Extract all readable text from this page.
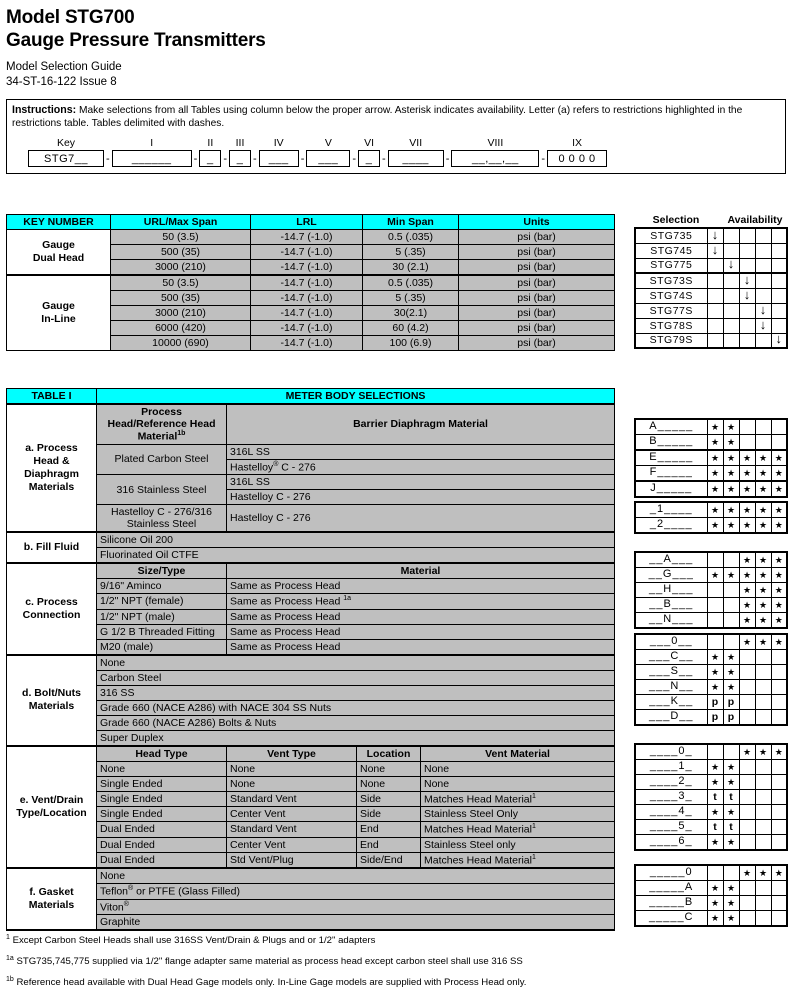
Model STG700
Gauge Pressure Transmitters
Model Selection Guide
34-ST-16-122 Issue 8
Instructions: Make selections from all Tables using column below the proper arrow. Asterisk indicates availability. Letter (a) refers to restrictions highlighted in the restrictions table. Tables delimited with dashes.
Key
STG7__	-
I
______	-
II
_ -
III
_ -
IV
___	-
V
___	-
VI
_ -
VII
____	-
VIII
__,__,__	-
IX
0 0 0 0
KEY NUMBER	URL/Max Span	LRL	Min Span	Units

Gauge
Dual Head	50 (3.5)	-14.7 (-1.0)	0.5 (.035)	psi (bar)
	500 (35)	-14.7 (-1.0)	5 (.35)	psi (bar)
	3000 (210)	-14.7 (-1.0)	30 (2.1)	psi (bar)

Gauge
In-Line	50 (3.5)	-14.7 (-1.0)	0.5 (.035)	psi (bar)
	500 (35)	-14.7 (-1.0)	5 (.35)	psi (bar)
	3000 (210)	-14.7 (-1.0)	30(2.1)	psi (bar)
	6000 (420)	-14.7 (-1.0)	60 (4.2)	psi (bar)
	10000 (690)	-14.7 (-1.0)	100 (6.9)	psi (bar)
Selection	Availability
STG735	↓				
STG745	↓				
STG775		↓			
STG73S			↓		
STG74S			↓		
STG77S				↓	
STG78S				↓	
STG79S					↓
TABLE I	METER BODY SELECTIONS			

a. Process
Head &
Diaphragm
Materials	Process Head/Reference Head Material$^{1b}$	Barrier Diaphragm Material		
	Plated Carbon Steel	316L SS		
		Hastelloy® C - 276		
	316 Stainless Steel	316L SS		
		Hastelloy C - 276		
	Hastelloy C - 276/316 Stainless Steel	Hastelloy C - 276		

b. Fill Fluid	Silicone Oil 200			
	Fluorinated Oil CTFE			

c. Process
Connection	Size/Type	Material		
	9/16" Aminco	Same as Process Head		
	1/2" NPT (female)	Same as Process Head $^{1a}$
	1/2" NPT (male)	Same as Process Head		
	G 1/2 B Threaded Fitting	Same as Process Head		
	M20 (male)	Same as Process Head		

d. Bolt/Nuts
Materials	None			
	Carbon Steel			
	316 SS			
	Grade 660 (NACE A286) with NACE 304 SS Nuts			
	Grade 660 (NACE A286) Bolts & Nuts			
	Super Duplex			

e. Vent/Drain
Type/Location	Head Type	Vent Type	Location	Vent Material
	None	None	None	None
	Single Ended	None	None	None
	Single Ended	Standard Vent	Side	Matches Head Material$^1$
	Single Ended	Center Vent	Side	Stainless Steel Only
	Dual Ended	Standard Vent	End	Matches Head Material$^1$
	Dual Ended	Center Vent	End	Stainless Steel only
	Dual Ended	Std Vent/Plug	Side/End	Matches Head Material$^1$

f. Gasket
Materials	None			
	Teflon® or PTFE (Glass Filled)			
	Viton®
	Graphite			
A_____	★	★			
B_____	★	★			
E_____	★	★	★	★	★
F_____	★	★	★	★	★
J_____	★	★	★	★	★
_1____	★	★	★	★	★
_2____	★	★	★	★	★
__A___			★	★	★
__G___	★	★	★	★	★
__H___			★	★	★
__B___			★	★	★
__N___			★	★	★
___0__			★	★	★
___C__	★	★			
___S__	★	★			
___N__	★	★			
___K__	p	p			
___D__	p	p			
____0_			★	★	★
____1_	★	★			
____2_	★	★			
____3_	t	t			
____4_	★	★			
____5_	t	t			
____6_	★	★			
_____0			★	★	★
_____A	★	★			
_____B	★	★			
_____C	★	★			
$^1$ Except Carbon Steel Heads shall use 316SS Vent/Drain & Plugs and or 1/2" adapters
$^{1a}$ STG735,745,775 supplied via 1/2" flange adapter same material as process head except carbon steel shall use 316 SS
$^{1b}$ Reference head available with Dual Head Gage models only. In-Line Gage models are supplied with Process Head only.
